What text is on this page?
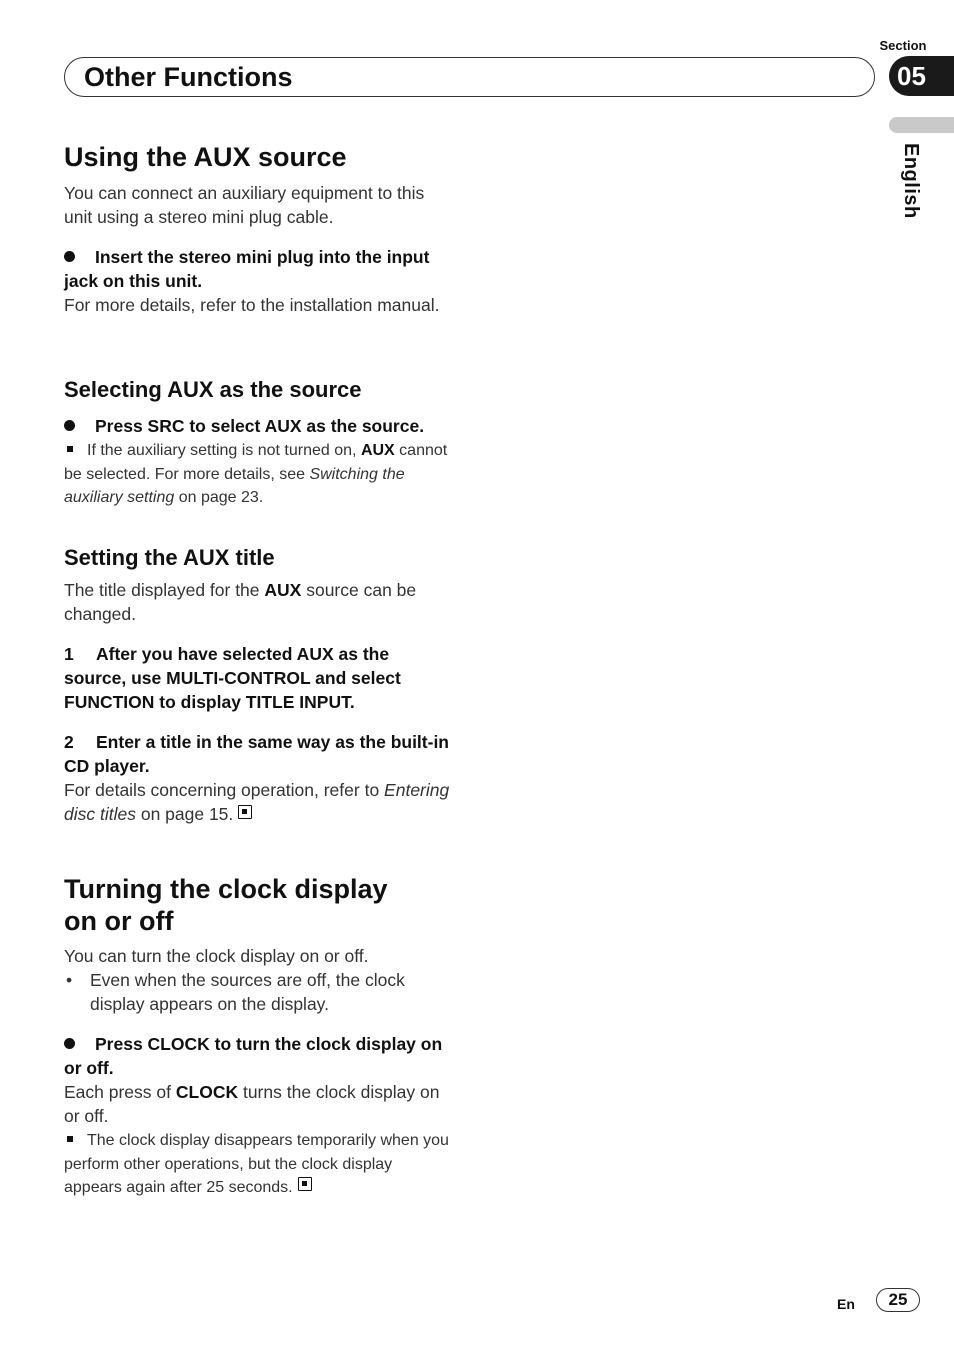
Section
05
Other Functions
English
Using the AUX source

You can connect an auxiliary equipment to this unit using a stereo mini plug cable.

Insert the stereo mini plug into the input jack on this unit.

For more details, refer to the installation manual.

Selecting AUX as the source

Press SRC to select AUX as the source.

If the auxiliary setting is not turned on, AUX cannot be selected. For more details, see Switching the auxiliary setting on page 23.

Setting the AUX title

The title displayed for the AUX source can be changed.

1 After you have selected AUX as the source, use MULTI-CONTROL and select FUNCTION to display TITLE INPUT.

2 Enter a title in the same way as the built-in CD player.

For details concerning operation, refer to Entering disc titles on page 15.

Turning the clock display on or off

You can turn the clock display on or off.

• Even when the sources are off, the clock display appears on the display.

Press CLOCK to turn the clock display on or off.

Each press of CLOCK turns the clock display on or off.

The clock display disappears temporarily when you perform other operations, but the clock display appears again after 25 seconds.

En	25
